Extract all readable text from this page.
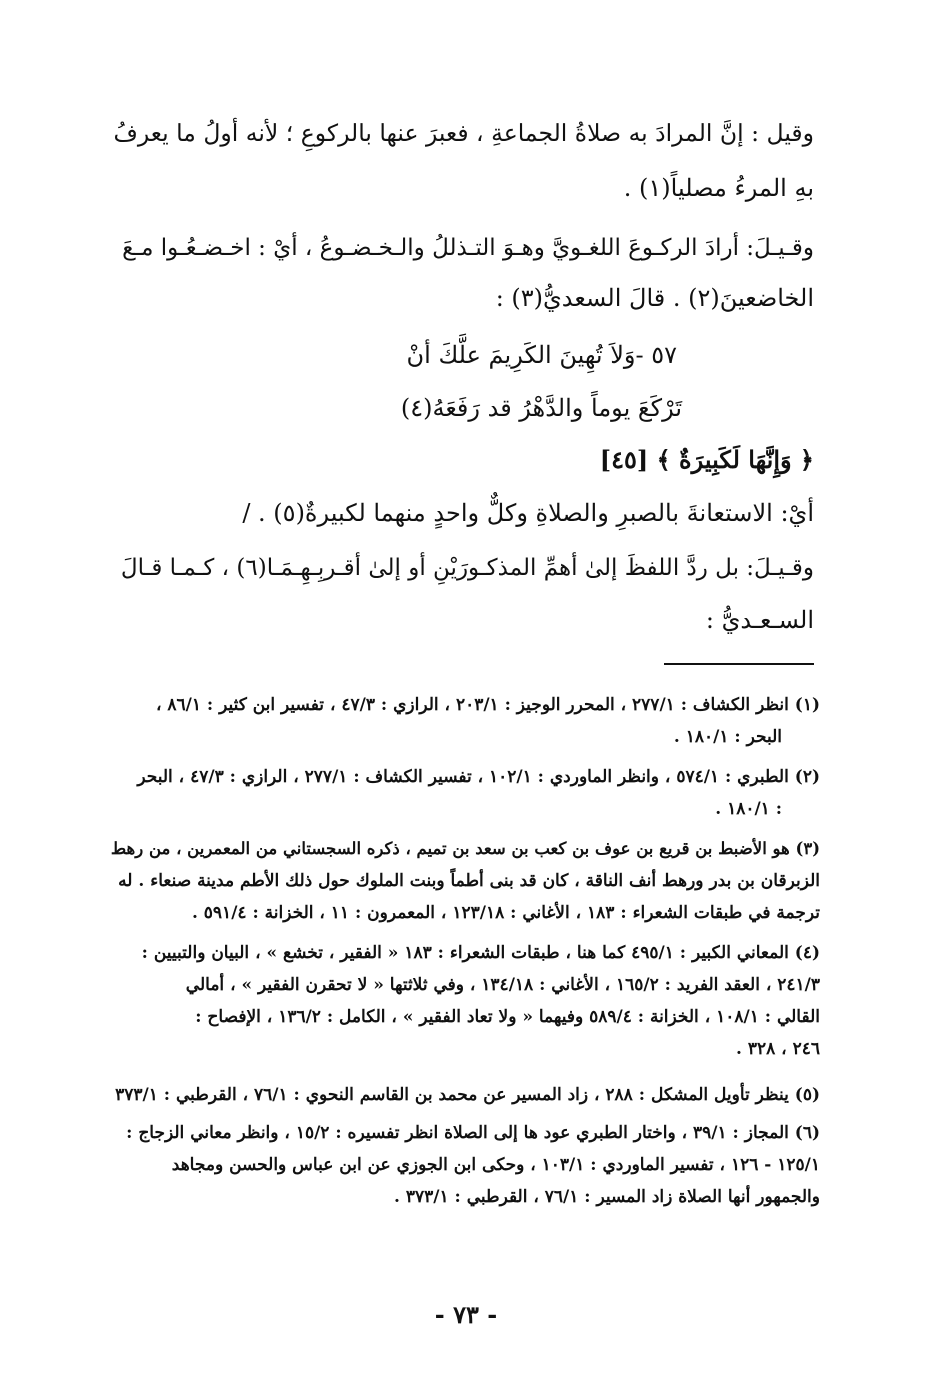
وقيل : إنَّ المرادَ به صلاةُ الجماعةِ ، فعبرَ عنها بالركوعِ ؛ لأنه أولُ ما يعرفُ
بهِ المرءُ مصلياً(١) .
وقـيـلَ: أرادَ الركـوعَ اللغـويَّ وهـوَ التـذللُ والـخـضـوعُ ، أيْ : اخـضـعُـوا مـعَ
الخاضعينَ(٢) . قالَ السعديُّ(٣) :
٥٧ -وَلاَ تُهِينَ الكَرِيمَ علَّكَ أنْ
تَرْكَعَ يوماً والدَّهْرُ قد رَفَعَهُ(٤)
﴿ وَإِنَّهَا لَكَبِيرَةٌ ﴾ [٤٥]
أيْ: الاستعانةَ بالصبرِ والصلاةِ وكلٌّ واحدٍ منهما لكبيرةٌ(٥) . /
وقـيـلَ: بل ردَّ اللفظَ إلىٰ أهمِّ المذكـورَيْنِ أو إلىٰ أقـربِـهِـمَـا(٦) ، كـمـا قـالَ
السـعـديُّ :
(١) انظر الكشاف : ٢٧٧/١ ، المحرر الوجيز : ٢٠٣/١ ، الرازي : ٤٧/٣ ، تفسير ابن كثير : ٨٦/١ ،
البحر : ١٨٠/١ .
(٢) الطبري : ٥٧٤/١ ، وانظر الماوردي : ١٠٢/١ ، تفسير الكشاف : ٢٧٧/١ ، الرازي : ٤٧/٣ ، البحر
: ١٨٠/١ .
(٣) هو الأضبط بن قريع بن عوف بن كعب بن سعد بن تميم ، ذكره السجستاني من المعمرين ، من رهط
الزبرقان بن بدر ورهط أنف الناقة ، كان قد بنى أطماً وبنت الملوك حول ذلك الأطم مدينة صنعاء . له
ترجمة في طبقات الشعراء : ١٨٣ ، الأغاني : ١٢٣/١٨ ، المعمرون : ١١ ، الخزانة : ٥٩١/٤ .
(٤) المعاني الكبير : ٤٩٥/١ كما هنا ، طبقات الشعراء : ١٨٣ « الفقير ، تخشع » ، البيان والتبيين :
٢٤١/٣ ، العقد الفريد : ١٦٥/٢ ، الأغاني : ١٣٤/١٨ ، وفي ثلاثتها « لا تحقرن الفقير » ، أمالي
القالي : ١٠٨/١ ، الخزانة : ٥٨٩/٤ وفيهما « ولا تعاد الفقير » ، الكامل : ١٣٦/٢ ، الإفصاح :
٢٤٦ ، ٣٢٨ .
(٥) ينظر تأويل المشكل : ٢٨٨ ، زاد المسير عن محمد بن القاسم النحوي : ٧٦/١ ، القرطبي : ٣٧٣/١
(٦) المجاز : ٣٩/١ ، واختار الطبري عود ها إلى الصلاة انظر تفسيره : ١٥/٢ ، وانظر معاني الزجاج :
١٢٥/١ - ١٢٦ ، تفسير الماوردي : ١٠٣/١ ، وحكى ابن الجوزي عن ابن عباس والحسن ومجاهد
والجمهور أنها الصلاة زاد المسير : ٧٦/١ ، القرطبي : ٣٧٣/١ .
- ٧٣ -
